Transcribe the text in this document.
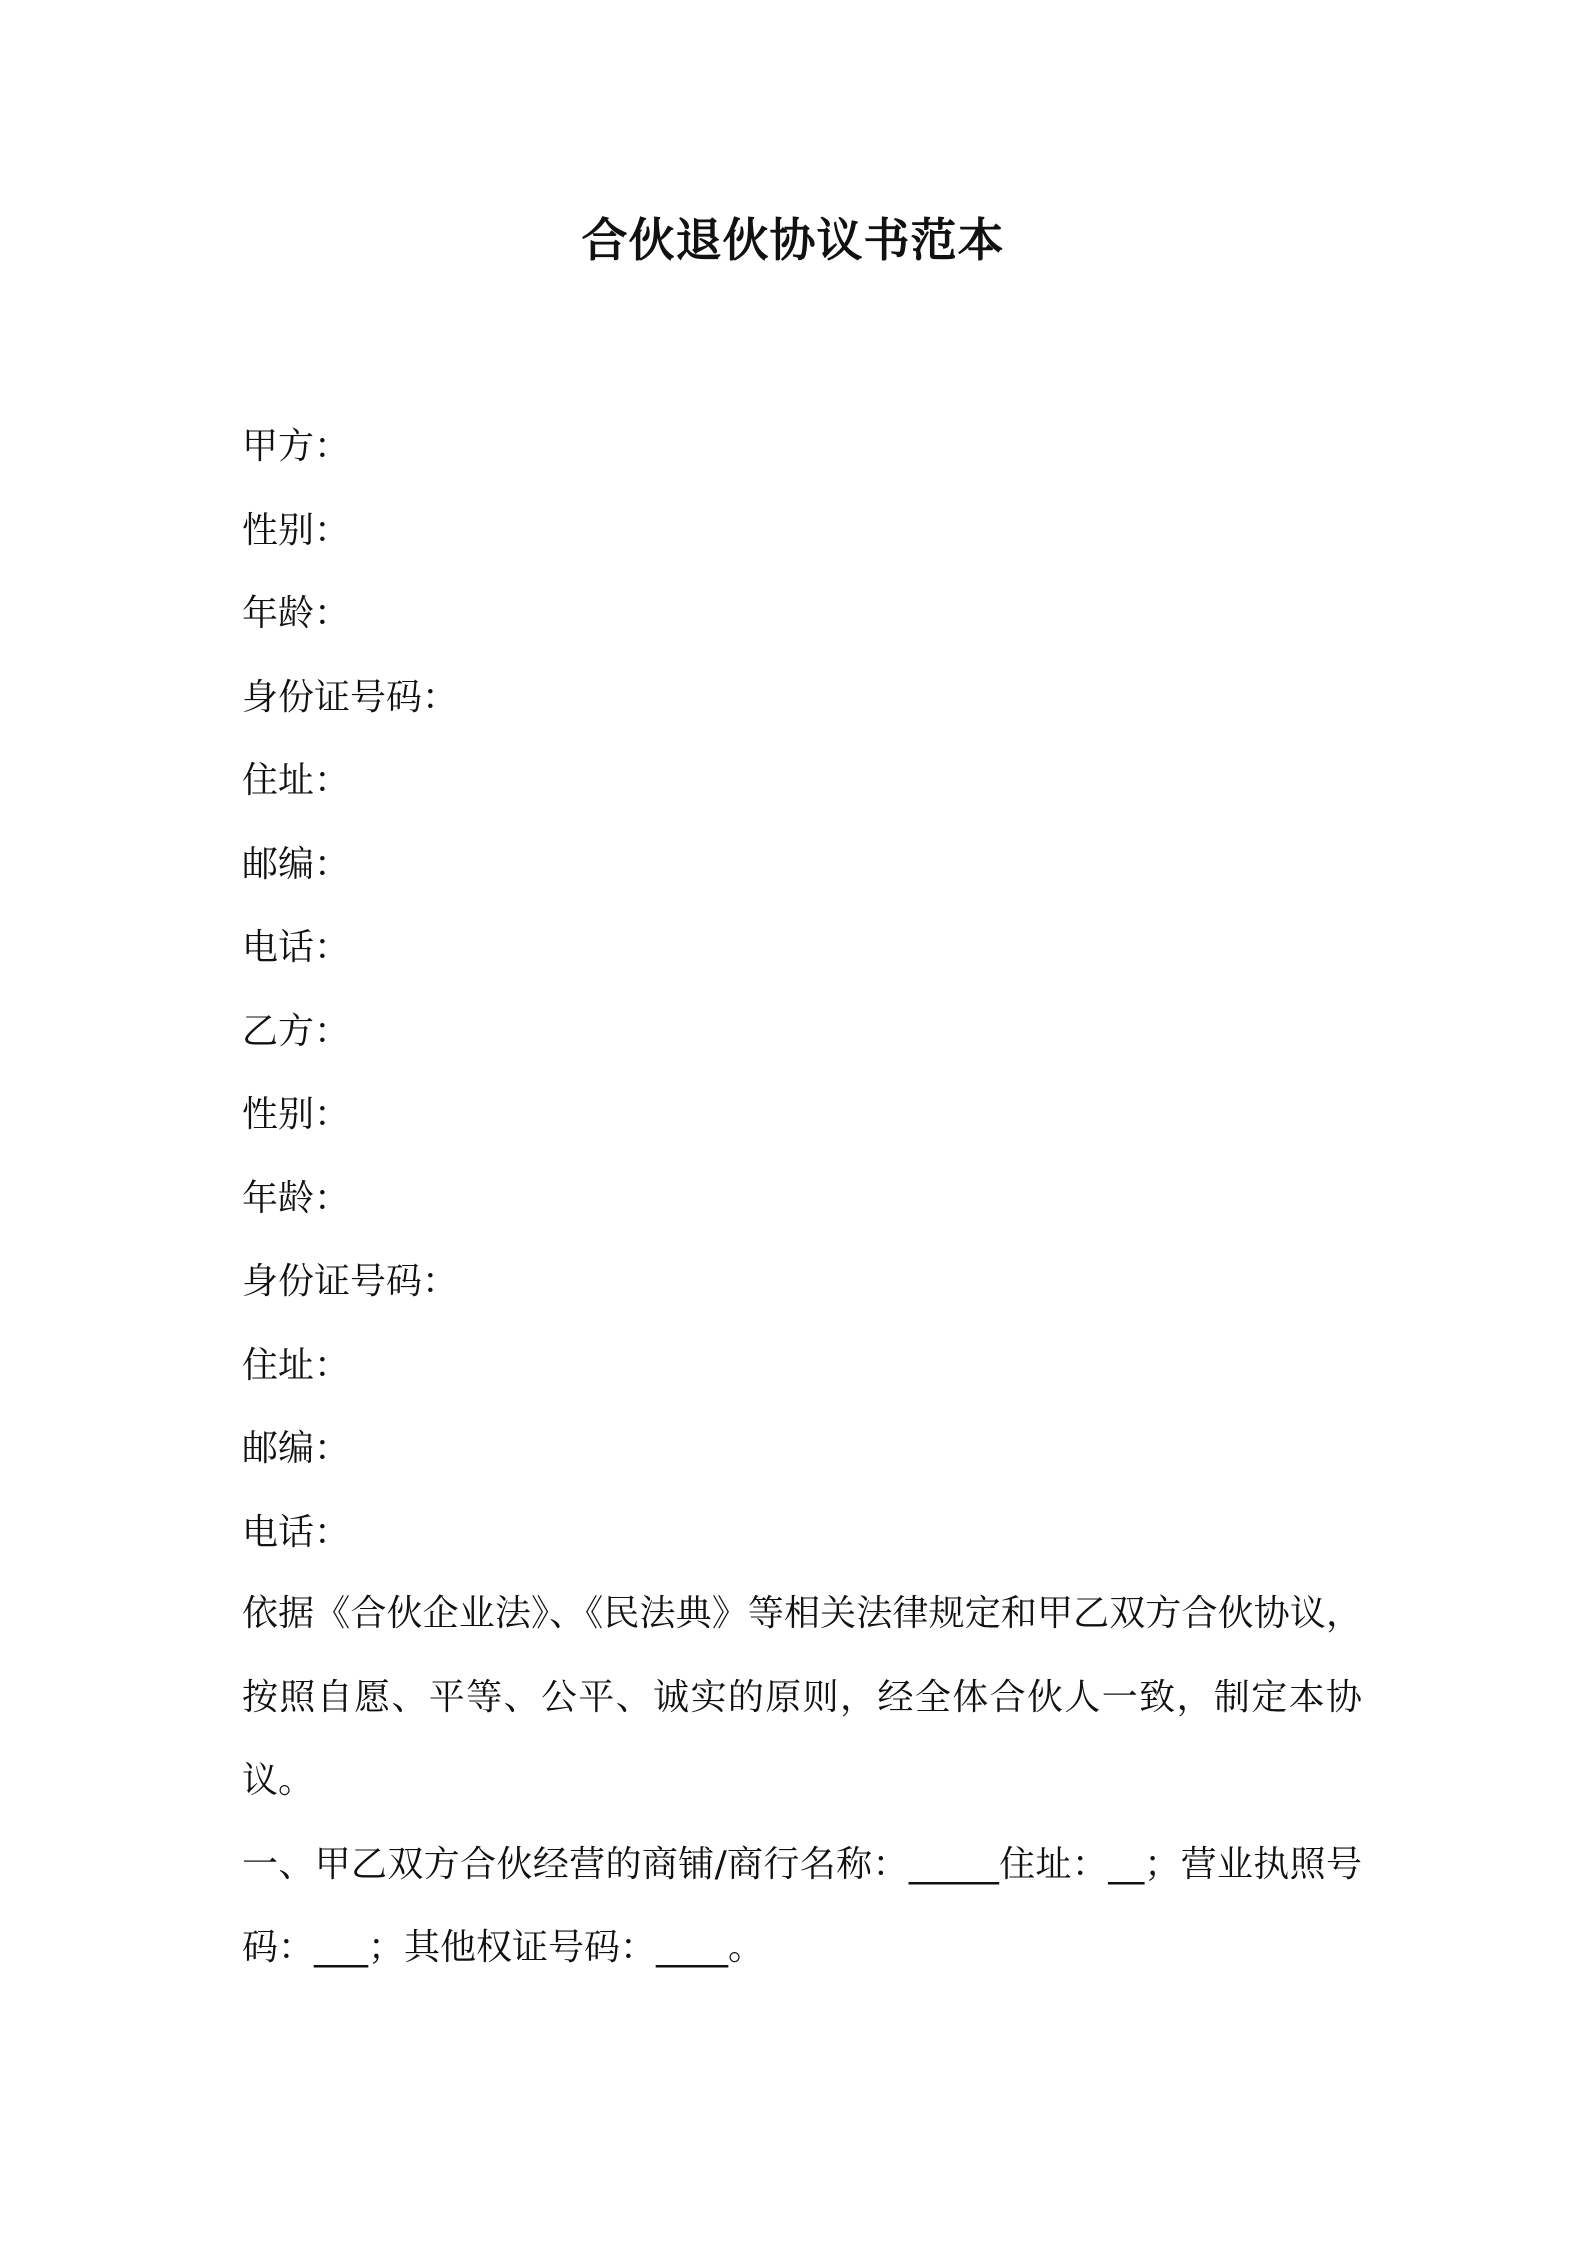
合伙退伙协议书范本
甲方：
性别：
年龄：
身份证号码：
住址：
邮编：
电话：
乙方：
性别：
年龄：
身份证号码：
住址：
邮编：
电话：

依据《合伙企业法》、《民法典》等相关法律规定和甲乙双方合伙协议，按照自愿、平等、公平、诚实的原则，经全体合伙人一致，制定本协议。

一、甲乙双方合伙经营的商铺/商行名称：_____住址：__；营业执照号码：___；其他权证号码：____。
